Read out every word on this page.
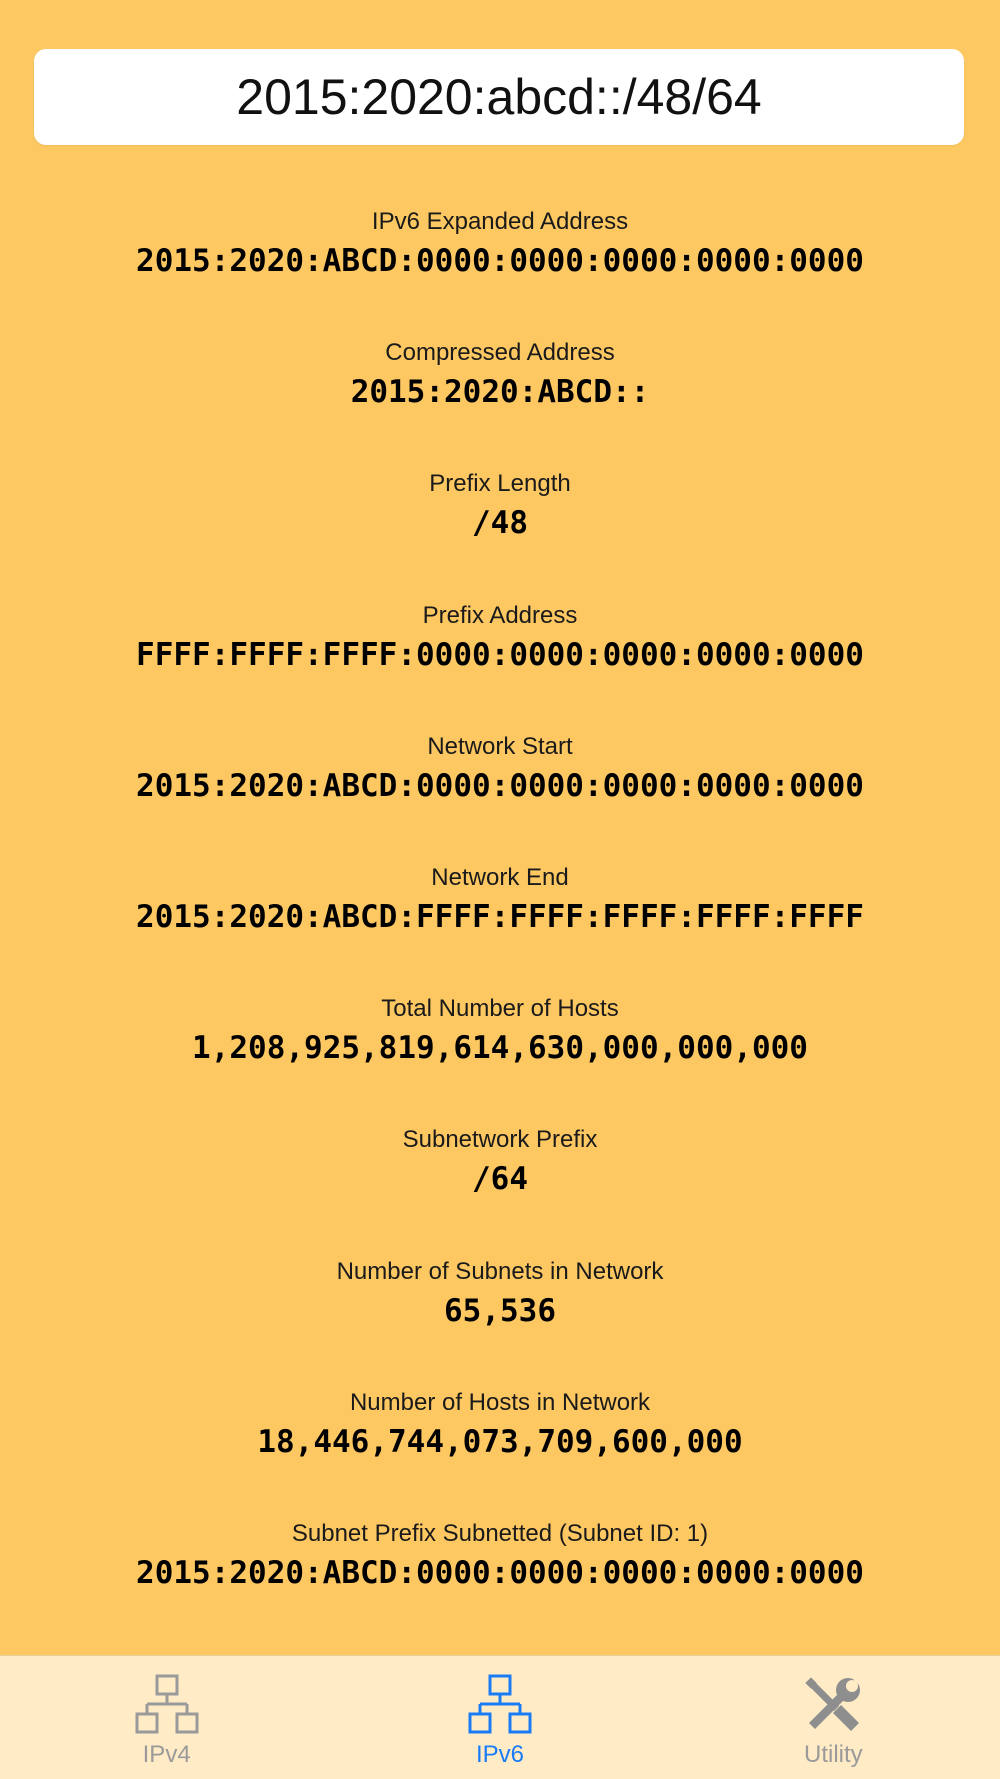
2015:2020:abcd::/48/64
IPv6 Expanded Address
2015:2020:ABCD:0000:0000:0000:0000:0000
Compressed Address
2015:2020:ABCD::
Prefix Length
/48
Prefix Address
FFFF:FFFF:FFFF:0000:0000:0000:0000:0000
Network Start
2015:2020:ABCD:0000:0000:0000:0000:0000
Network End
2015:2020:ABCD:FFFF:FFFF:FFFF:FFFF:FFFF
Total Number of Hosts
1,208,925,819,614,630,000,000,000
Subnetwork Prefix
/64
Number of Subnets in Network
65,536
Number of Hosts in Network
18,446,744,073,709,600,000
Subnet Prefix Subnetted (Subnet ID: 1)
2015:2020:ABCD:0000:0000:0000:0000:0000
IPv4	IPv6	Utility
